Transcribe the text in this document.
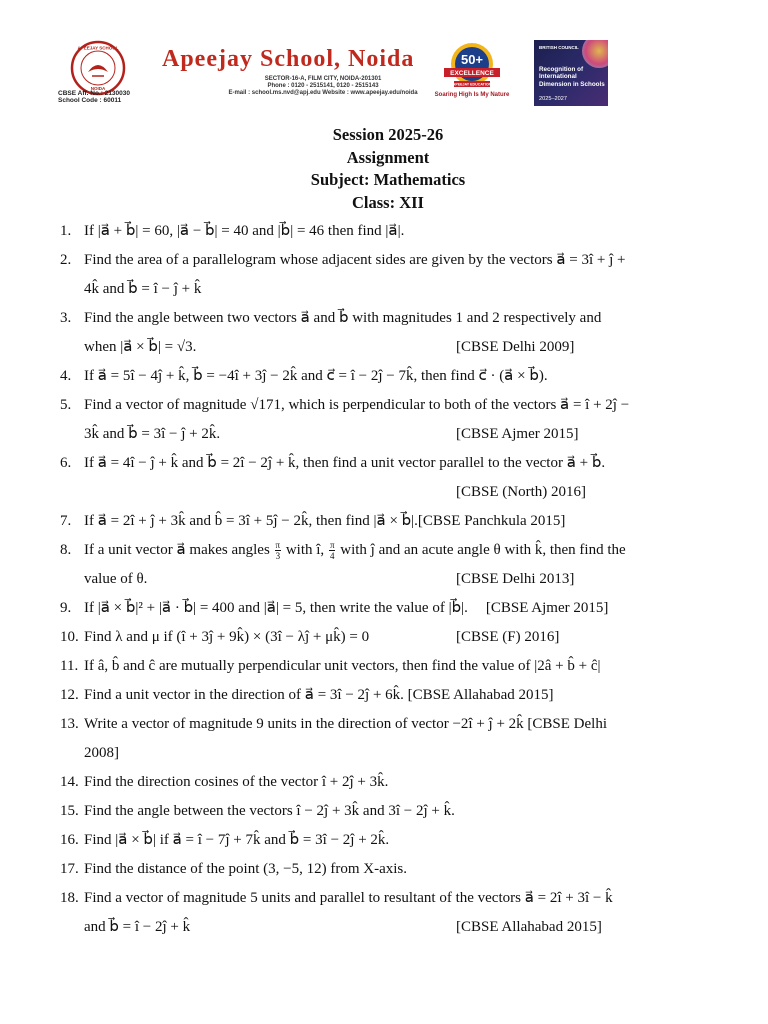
APEEJAY SCHOOL
NOIDA
CBSE Aff. No.: 2130030
School Code : 60011
Apeejay School, Noida
SECTOR-16-A, FILM CITY, NOIDA-201301
Phone : 0120 - 2515141, 0120 - 2515143
E-mail : school.ms.nvd@apj.edu Website : www.apeejay.edu/noida
50+
EXCELLENCE
APEEJAY EDUCATION
Soaring High Is My Nature
BRITISH COUNCIL
Recognition of International Dimension in Schools
2025–2027
Session 2025-26
Assignment
Subject: Mathematics
Class: XII
1. If |a⃗ + b⃗| = 60, |a⃗ − b⃗| = 40 and |b⃗| = 46 then find |a⃗|.
2. Find the area of a parallelogram whose adjacent sides are given by the vectors a⃗ = 3î + ĵ +
4k̂ and b⃗ = î − ĵ + k̂
3. Find the angle between two vectors a⃗ and b⃗ with magnitudes 1 and 2 respectively and
when |a⃗ × b⃗| = √3.	[CBSE Delhi 2009]
4. If a⃗ = 5î − 4ĵ + k̂, b⃗ = −4î + 3ĵ − 2k̂ and c⃗ = î − 2ĵ − 7k̂, then find c⃗ · (a⃗ × b⃗).
5. Find a vector of magnitude √171, which is perpendicular to both of the vectors a⃗ = î + 2ĵ −
3k̂ and b⃗ = 3î − ĵ + 2k̂.	[CBSE Ajmer 2015]
6. If a⃗ = 4î − ĵ + k̂ and b⃗ = 2î − 2ĵ + k̂, then find a unit vector parallel to the vector a⃗ + b⃗.
[CBSE (North) 2016]
7. If a⃗ = 2î + ĵ + 3k̂ and b̂ = 3î + 5ĵ − 2k̂, then find |a⃗ × b⃗|.[CBSE Panchkula 2015]
8. If a unit vector a⃗ makes angles $\frac{\pi}{3}$ with î, $\frac{\pi}{4}$ with ĵ and an acute angle θ with k̂, then find the
value of θ.	[CBSE Delhi 2013]
9. If |a⃗ × b⃗|² + |a⃗ · b⃗| = 400 and |a⃗| = 5, then write the value of |b⃗|. [CBSE Ajmer 2015]
10. Find λ and μ if (î + 3ĵ + 9k̂) × (3î − λĵ + μk̂) = 0	[CBSE (F) 2016]
11. If â, b̂ and ĉ are mutually perpendicular unit vectors, then find the value of |2â + b̂ + ĉ|
12. Find a unit vector in the direction of a⃗ = 3î − 2ĵ + 6k̂. [CBSE Allahabad 2015]
13. Write a vector of magnitude 9 units in the direction of vector −2î + ĵ + 2k̂ [CBSE Delhi
2008]
14. Find the direction cosines of the vector î + 2ĵ + 3k̂.
15. Find the angle between the vectors î − 2ĵ + 3k̂ and 3î − 2ĵ + k̂.
16. Find |a⃗ × b⃗| if a⃗ = î − 7ĵ + 7k̂ and b⃗ = 3î − 2ĵ + 2k̂.
17. Find the distance of the point (3, −5, 12) from X-axis.
18. Find a vector of magnitude 5 units and parallel to resultant of the vectors a⃗ = 2î + 3î − k̂
and b⃗ = î − 2ĵ + k̂	[CBSE Allahabad 2015]
